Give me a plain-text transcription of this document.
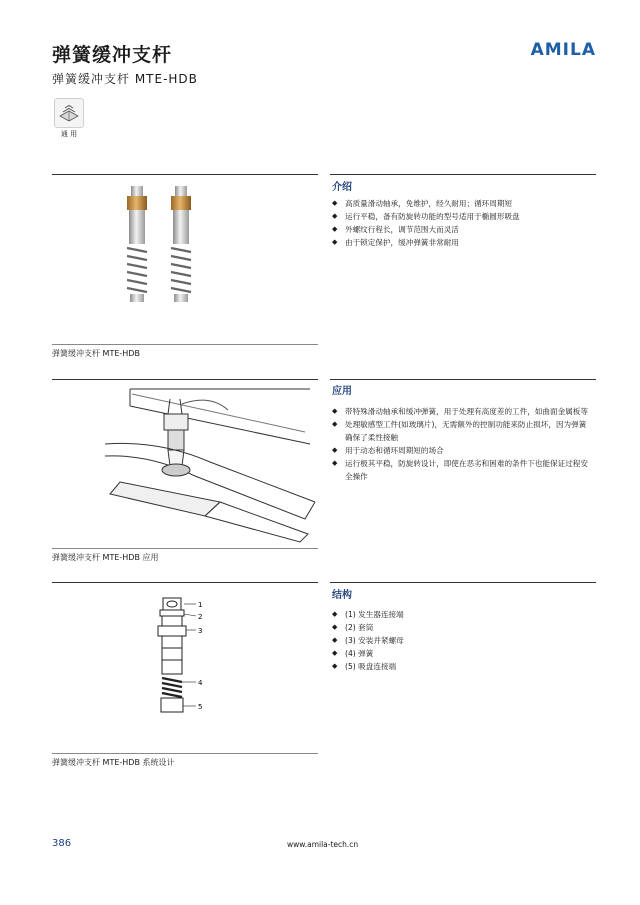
弹簧缓冲支杆
弹簧缓冲支杆 MTE-HDB
AMILA
通 用
弹簧缓冲支杆 MTE-HDB
介绍
◆ 高质量滑动轴承，免维护，经久耐用；循环周期短
◆ 运行平稳，备有防旋转功能的型号适用于椭圆形吸盘
◆ 外螺纹行程长，调节范围大而灵活
◆ 由于锁定保护，缓冲弹簧非常耐用
弹簧缓冲支杆 MTE-HDB 应用
应用
◆ 带特殊滑动轴承和缓冲弹簧，用于处理有高度差的工件，如曲面金属板等
◆ 处理敏感型工件(如玻璃片)，无需额外的控制功能来防止损坏，因为弹簧确保了柔性接触
◆ 用于动态和循环周期短的场合
◆ 运行极其平稳，防旋转设计，即使在恶劣和困难的条件下也能保证过程安全操作
1
2
3
4
5
弹簧缓冲支杆 MTE-HDB 系统设计
结构
◆ (1) 发生器连接端
◆ (2) 套筒
◆ (3) 安装并紧螺母
◆ (4) 弹簧
◆ (5) 吸盘连接端
386	www.amila-tech.cn
